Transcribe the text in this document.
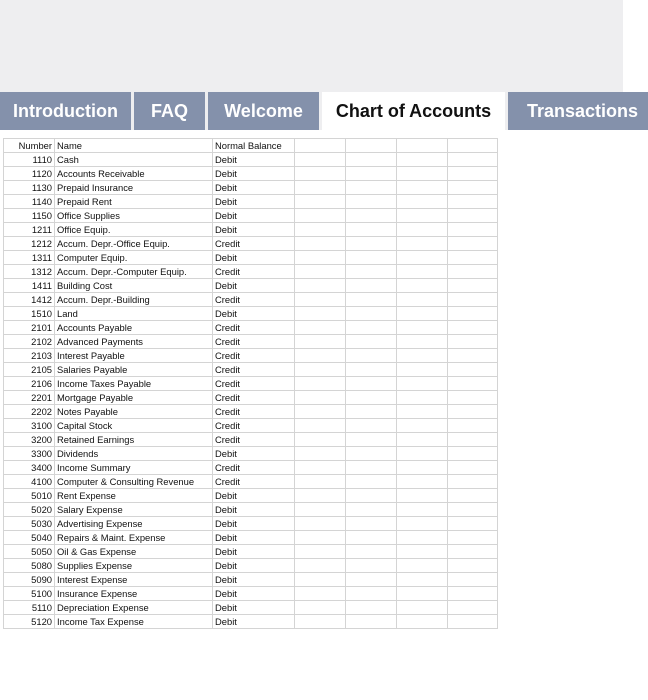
Introduction	FAQ	Welcome	Chart of Accounts	Transactions
Number	Name	Normal Balance				
1110	Cash	Debit				
1120	Accounts Receivable	Debit				
1130	Prepaid Insurance	Debit				
1140	Prepaid Rent	Debit				
1150	Office Supplies	Debit				
1211	Office Equip.	Debit				
1212	Accum. Depr.-Office Equip.	Credit				
1311	Computer Equip.	Debit				
1312	Accum. Depr.-Computer Equip.	Credit				
1411	Building Cost	Debit				
1412	Accum. Depr.-Building	Credit				
1510	Land	Debit				
2101	Accounts Payable	Credit				
2102	Advanced Payments	Credit				
2103	Interest Payable	Credit				
2105	Salaries Payable	Credit				
2106	Income Taxes Payable	Credit				
2201	Mortgage Payable	Credit				
2202	Notes Payable	Credit				
3100	Capital Stock	Credit				
3200	Retained Earnings	Credit				
3300	Dividends	Debit				
3400	Income Summary	Credit				
4100	Computer & Consulting Revenue	Credit				
5010	Rent Expense	Debit				
5020	Salary Expense	Debit				
5030	Advertising Expense	Debit				
5040	Repairs & Maint. Expense	Debit				
5050	Oil & Gas Expense	Debit				
5080	Supplies Expense	Debit				
5090	Interest Expense	Debit				
5100	Insurance Expense	Debit				
5110	Depreciation Expense	Debit				
5120	Income Tax Expense	Debit				
